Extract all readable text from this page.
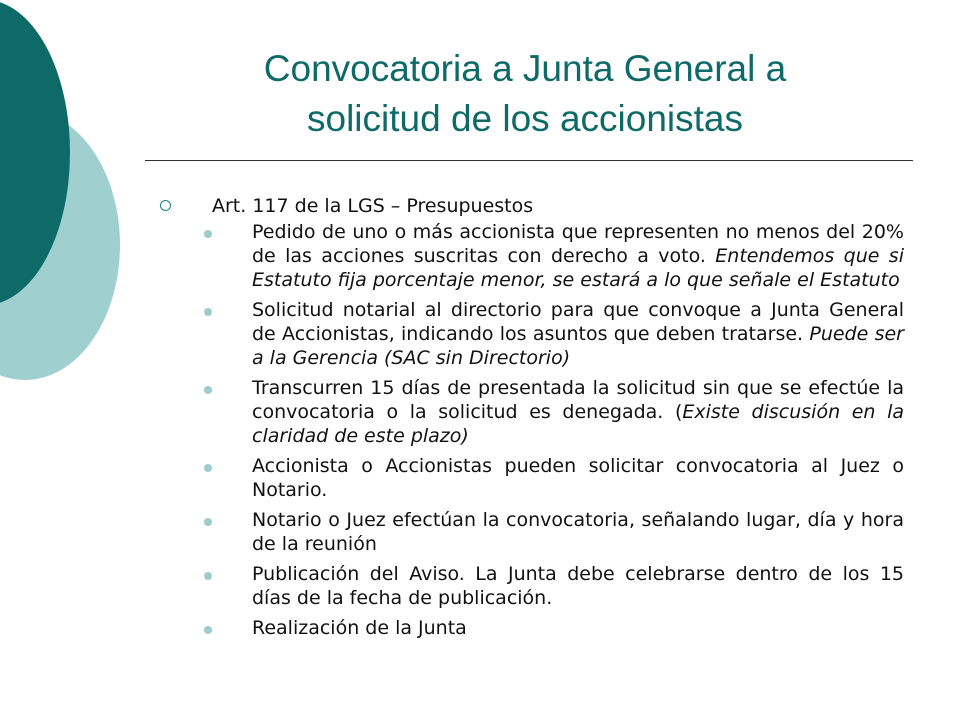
Convocatoria a Junta General a
solicitud de los accionistas
Art. 117 de la LGS – Presupuestos
Pedido de uno o más accionista que representen no menos del 20% de las acciones suscritas con derecho a voto. Entendemos que si Estatuto fija porcentaje menor, se estará a lo que señale el Estatuto
Solicitud notarial al directorio para que convoque a Junta General de Accionistas, indicando los asuntos que deben tratarse. Puede ser a la Gerencia (SAC sin Directorio)
Transcurren 15 días de presentada la solicitud sin que se efectúe la convocatoria o la solicitud es denegada. (Existe discusión en la claridad de este plazo)
Accionista o Accionistas pueden solicitar convocatoria al Juez o Notario.
Notario o Juez efectúan la convocatoria, señalando lugar, día y hora de la reunión
Publicación del Aviso. La Junta debe celebrarse dentro de los 15 días de la fecha de publicación.
Realización de la Junta
